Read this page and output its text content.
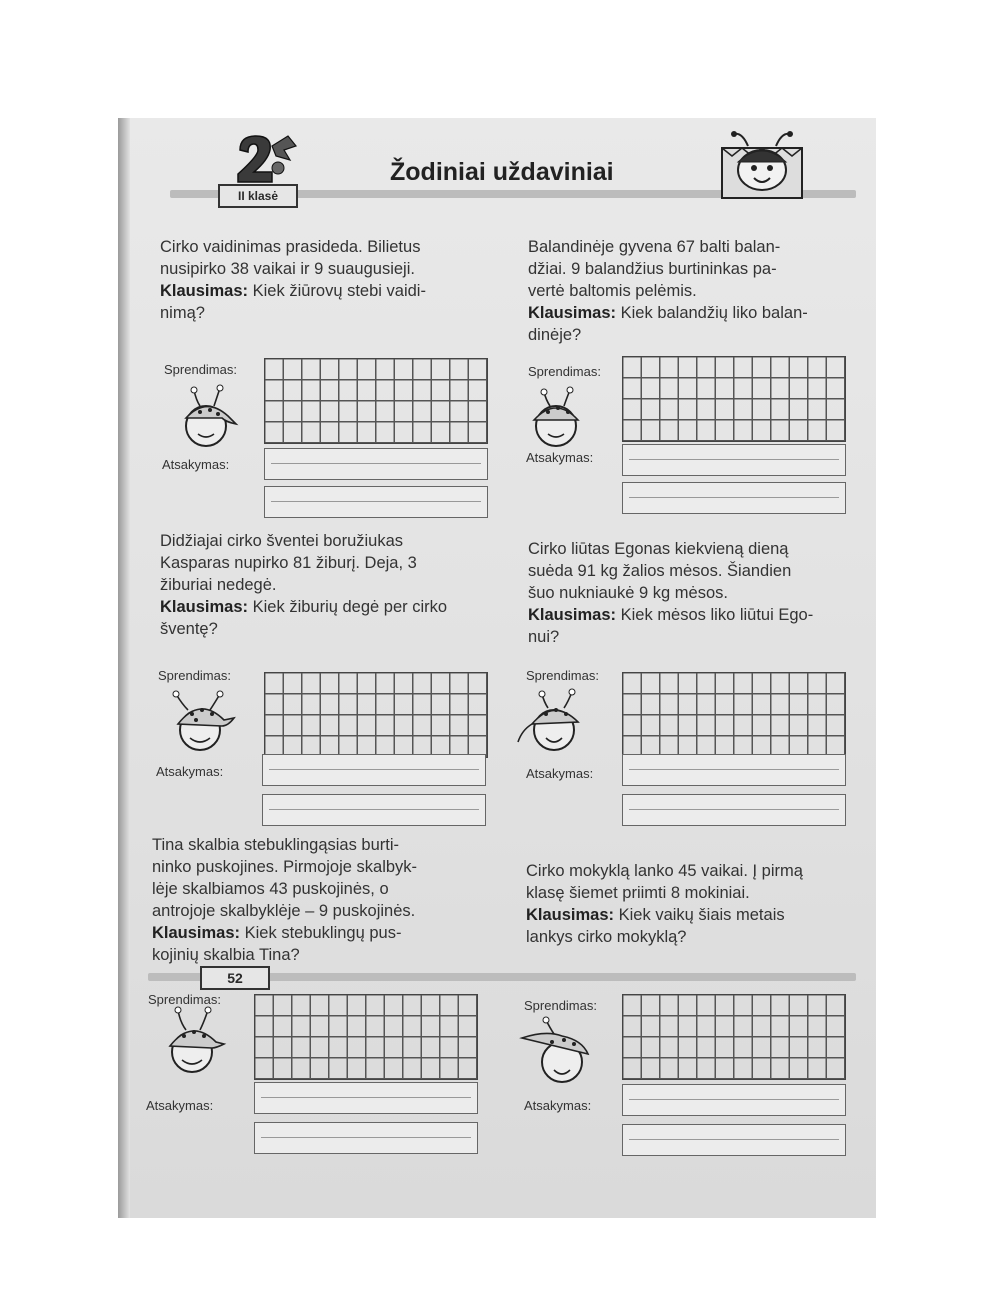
II klasė
Žodiniai uždaviniai

Cirko vaidinimas prasideda. Bilietus

nusipirko 38 vaikai ir 9 suaugusieji.

Klausimas: Kiek žiūrovų stebi vaidi-

nimą?

Sprendimas:
Atsakymas:

Balandinėje gyvena 67 balti balan-

džiai. 9 balandžius burtininkas pa-

vertė baltomis pelėmis.

Klausimas: Kiek balandžių liko balan-

dinėje?

Sprendimas:
Atsakymas:

Didžiajai cirko šventei boružiukas

Kasparas nupirko 81 žiburį. Deja, 3

žiburiai nedegė.

Klausimas: Kiek žiburių degė per cirko

šventę?

Sprendimas:
Atsakymas:

Cirko liūtas Egonas kiekvieną dieną

suėda 91 kg žalios mėsos. Šiandien

šuo nukniaukė 9 kg mėsos.

Klausimas: Kiek mėsos liko liūtui Ego-

nui?

Sprendimas:
Atsakymas:

Tina skalbia stebuklingąsias burti-

ninko puskojines. Pirmojoje skalbyk-

lėje skalbiamos 43 puskojinės, o

antrojoje skalbyklėje – 9 puskojinės.

Klausimas: Kiek stebuklingų pus-

kojinių skalbia Tina?

Sprendimas:
Atsakymas:

Cirko mokyklą lanko 45 vaikai. Į pirmą

klasę šiemet priimti 8 mokiniai.

Klausimas: Kiek vaikų šiais metais

lankys cirko mokyklą?

Sprendimas:
Atsakymas:
52
